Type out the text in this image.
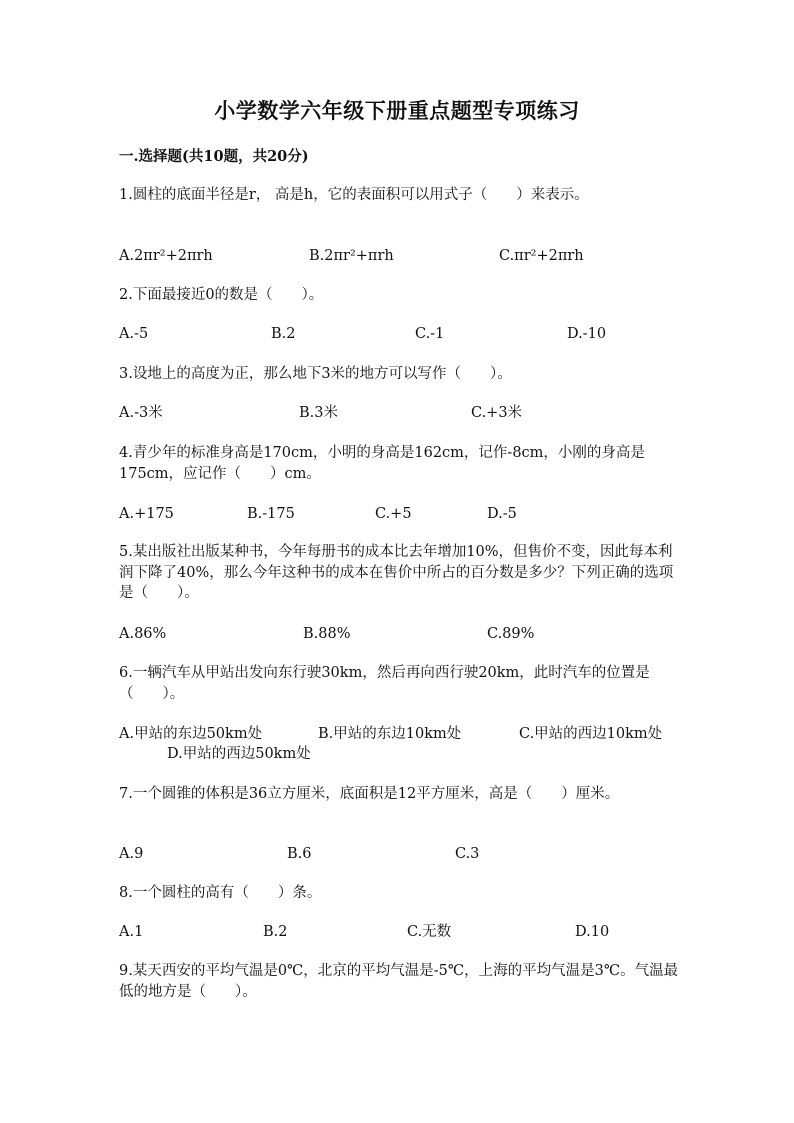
小学数学六年级下册重点题型专项练习
一.选择题(共10题，共20分)
1.圆柱的底面半径是r， 高是h，它的表面积可以用式子（　　）来表示。
A.2πr²+2πrh	B.2πr²+πrh	C.πr²+2πrh
2.下面最接近0的数是（　　）。
A.-5	B.2	C.-1	D.-10
3.设地上的高度为正，那么地下3米的地方可以写作（　　）。
A.-3米	B.3米	C.+3米
4.青少年的标准身高是170cm，小明的身高是162cm，记作-8cm，小刚的身高是175cm，应记作（　　）cm。
A.+175	B.-175	C.+5	D.-5
5.某出版社出版某种书，今年每册书的成本比去年增加10%，但售价不变，因此每本利润下降了40%，那么今年这种书的成本在售价中所占的百分数是多少？下列正确的选项是（　　）。
A.86%	B.88%	C.89%
6.一辆汽车从甲站出发向东行驶30km，然后再向西行驶20km，此时汽车的位置是（　　）。
A.甲站的东边50km处	B.甲站的东边10km处	C.甲站的西边10km处
D.甲站的西边50km处
7.一个圆锥的体积是36立方厘米，底面积是12平方厘米，高是（　　）厘米。
A.9	B.6	C.3
8.一个圆柱的高有（　　）条。
A.1	B.2	C.无数	D.10
9.某天西安的平均气温是0℃，北京的平均气温是-5℃，上海的平均气温是3℃。气温最低的地方是（　　）。
